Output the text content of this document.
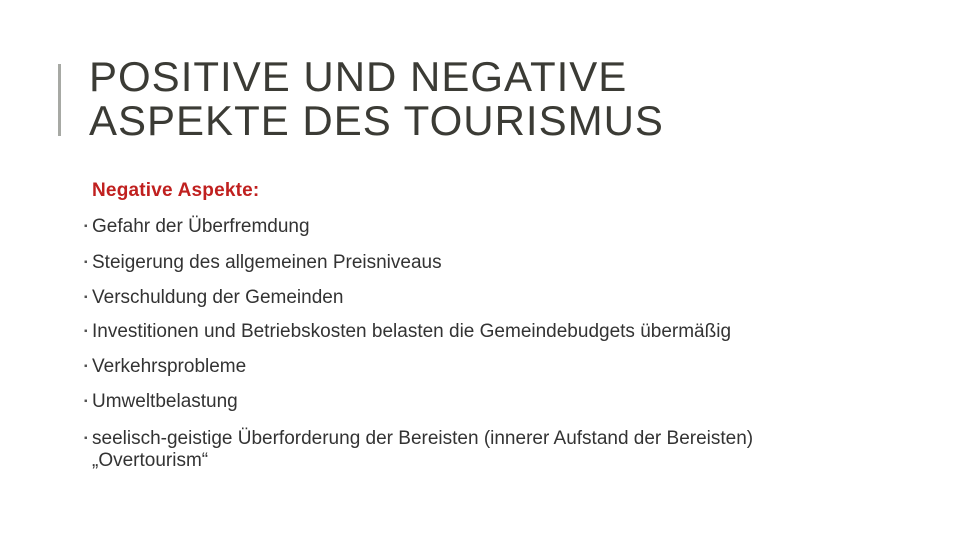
POSITIVE UND NEGATIVE
ASPEKTE DES TOURISMUS

Negative Aspekte:

▪ Gefahr der Überfremdung
▪ Steigerung des allgemeinen Preisniveaus
▪ Verschuldung der Gemeinden
▪ Investitionen und Betriebskosten belasten die Gemeindebudgets übermäßig
▪ Verkehrsprobleme
▪ Umweltbelastung
▪ seelisch-geistige Überforderung der Bereisten (innerer Aufstand der Bereisten) „Overtourism“
